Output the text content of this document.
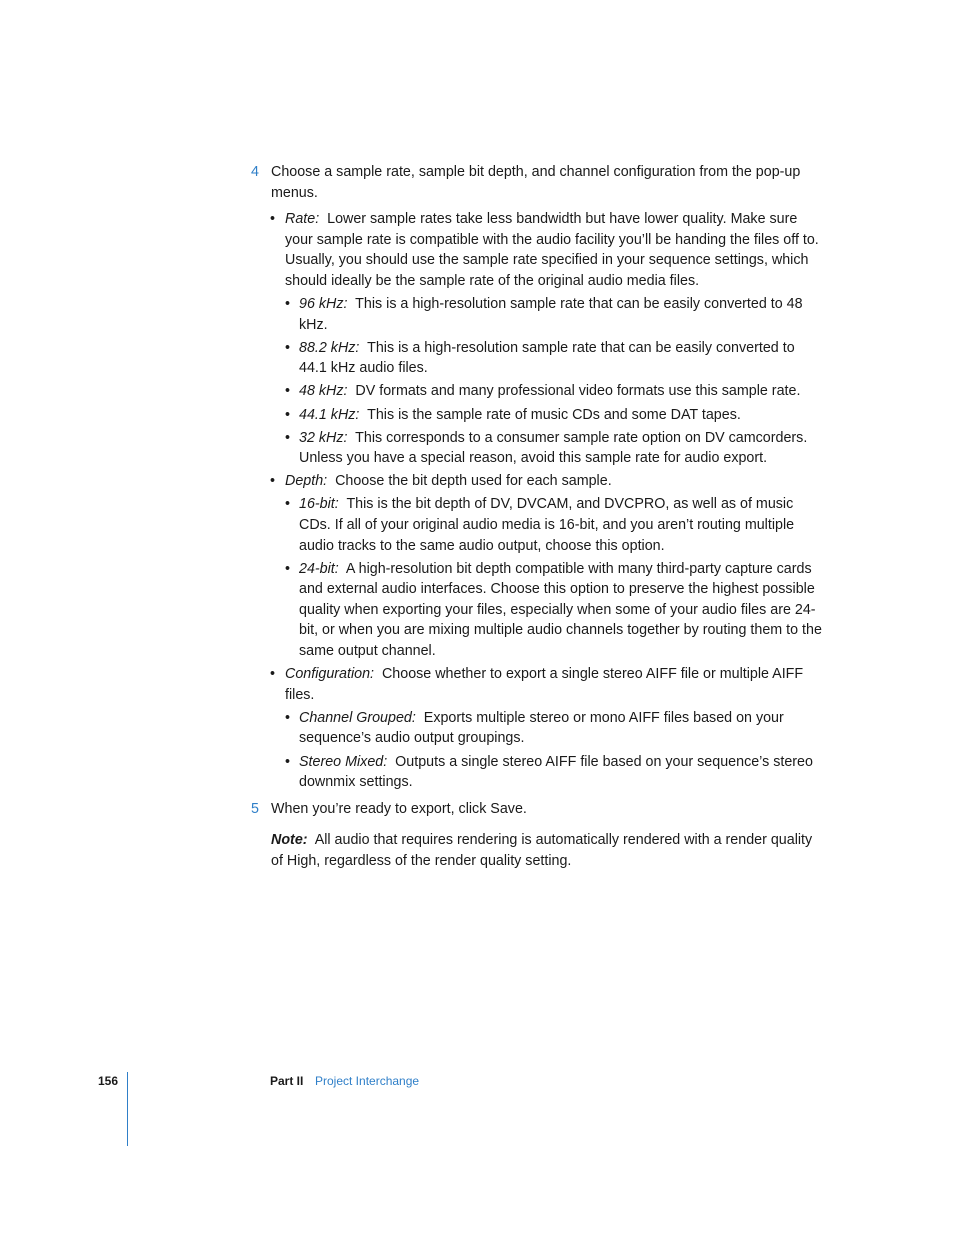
4 Choose a sample rate, sample bit depth, and channel configuration from the pop-up menus.
• Rate: Lower sample rates take less bandwidth but have lower quality. Make sure your sample rate is compatible with the audio facility you’ll be handing the files off to. Usually, you should use the sample rate specified in your sequence settings, which should ideally be the sample rate of the original audio media files.
• 96 kHz: This is a high-resolution sample rate that can be easily converted to 48 kHz.
• 88.2 kHz: This is a high-resolution sample rate that can be easily converted to 44.1 kHz audio files.
• 48 kHz: DV formats and many professional video formats use this sample rate.
• 44.1 kHz: This is the sample rate of music CDs and some DAT tapes.
• 32 kHz: This corresponds to a consumer sample rate option on DV camcorders. Unless you have a special reason, avoid this sample rate for audio export.
• Depth: Choose the bit depth used for each sample.
• 16-bit: This is the bit depth of DV, DVCAM, and DVCPRO, as well as of music CDs. If all of your original audio media is 16-bit, and you aren’t routing multiple audio tracks to the same audio output, choose this option.
• 24-bit: A high-resolution bit depth compatible with many third-party capture cards and external audio interfaces. Choose this option to preserve the highest possible quality when exporting your files, especially when some of your audio files are 24-bit, or when you are mixing multiple audio channels together by routing them to the same output channel.
• Configuration: Choose whether to export a single stereo AIFF file or multiple AIFF files.
• Channel Grouped: Exports multiple stereo or mono AIFF files based on your sequence’s audio output groupings.
• Stereo Mixed: Outputs a single stereo AIFF file based on your sequence’s stereo downmix settings.
5 When you’re ready to export, click Save.
Note: All audio that requires rendering is automatically rendered with a render quality of High, regardless of the render quality setting.
156	Part II Project Interchange
